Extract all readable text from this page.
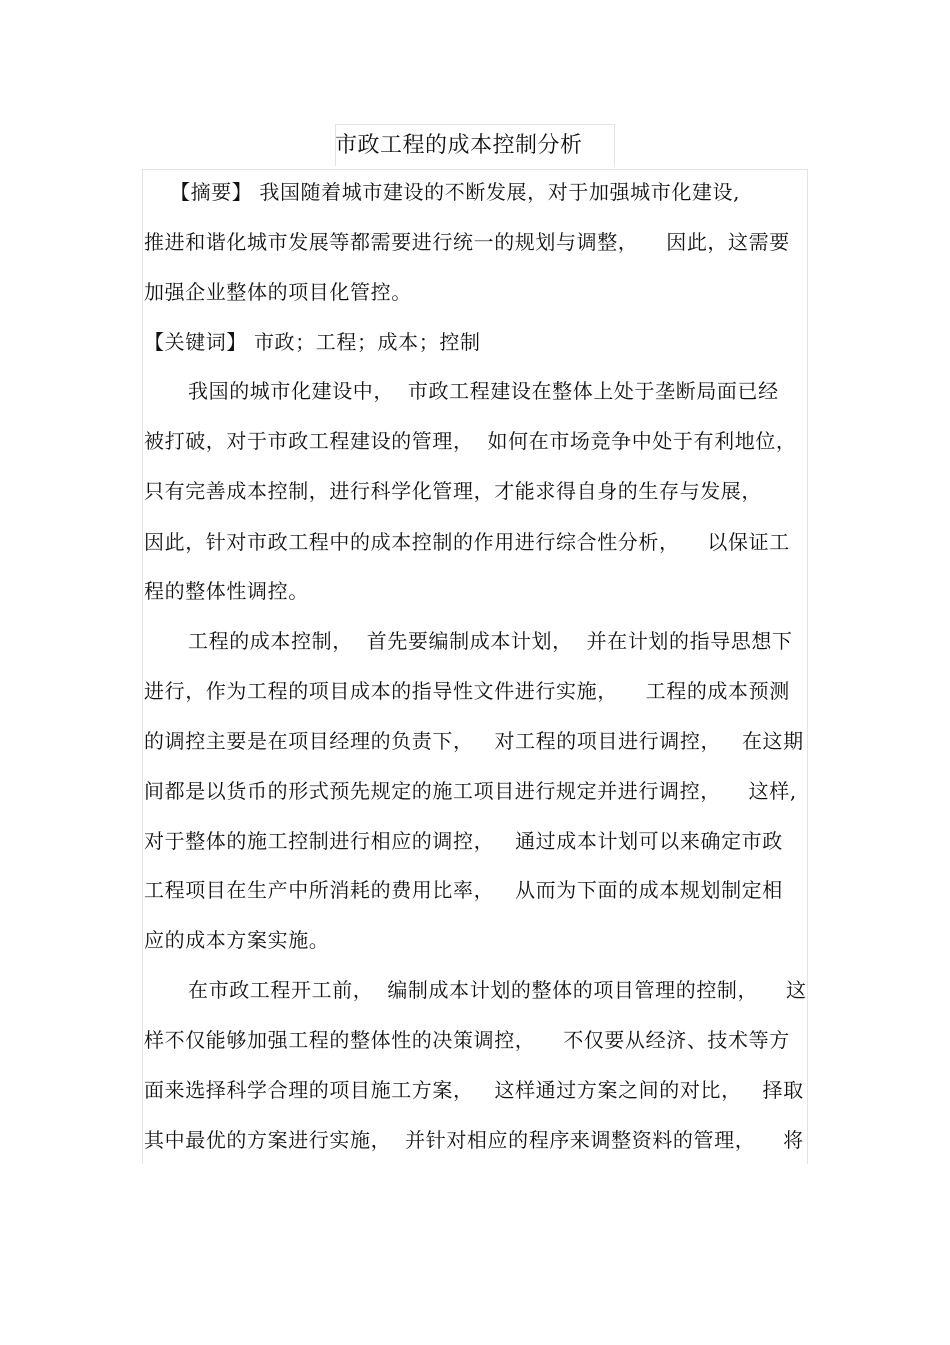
市政工程的成本控制分析
【摘要】 我国随着城市建设的不断发展，对于加强城市化建设,
推进和谐化城市发展等都需要进行统一的规划与调整，    因此，这需要
加强企业整体的项目化管控。
【关键词】 市政；工程；成本；控制
我国的城市化建设中，  市政工程建设在整体上处于垄断局面已经
被打破，对于市政工程建设的管理，  如何在市场竞争中处于有利地位，
只有完善成本控制，进行科学化管理，才能求得自身的生存与发展，
因此，针对市政工程中的成本控制的作用进行综合性分析，    以保证工
程的整体性调控。
工程的成本控制，  首先要编制成本计划，  并在计划的指导思想下
进行，作为工程的项目成本的指导性文件进行实施，    工程的成本预测
的调控主要是在项目经理的负责下，   对工程的项目进行调控，   在这期
间都是以货币的形式预先规定的施工项目进行规定并进行调控，    这样,
对于整体的施工控制进行相应的调控，   通过成本计划可以来确定市政
工程项目在生产中所消耗的费用比率，   从而为下面的成本规划制定相
应的成本方案实施。
在市政工程开工前，  编制成本计划的整体的项目管理的控制，    这
样不仅能够加强工程的整体性的决策调控，    不仅要从经济、技术等方
面来选择科学合理的项目施工方案，   这样通过方案之间的对比，   择取
其中最优的方案进行实施，  并针对相应的程序来调整资料的管理，    将
